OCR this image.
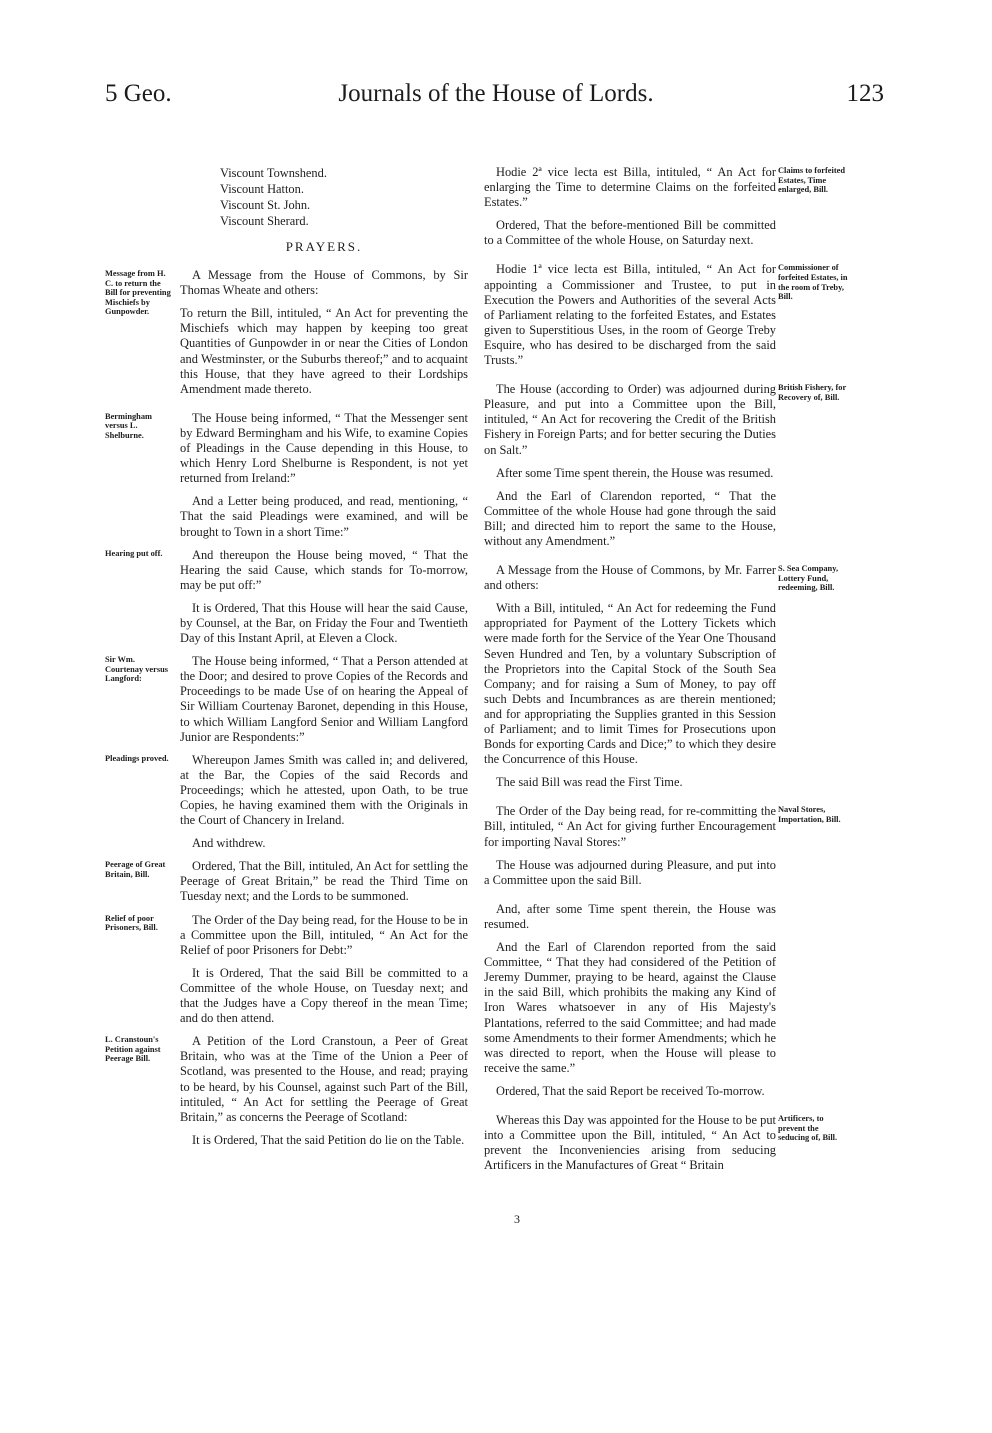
5 Geo.	Journals of the House of Lords.	123
Viscount Townshend.
Viscount Hatton.
Viscount St. John.
Viscount Sherard.
PRAYERS.
Message from H. C. to return the Bill for preventing Mischiefs by Gunpowder.
A Message from the House of Commons, by Sir Thomas Wheate and others:
To return the Bill, intituled, “ An Act for preventing the Mischiefs which may happen by keeping too great Quantities of Gunpowder in or near the Cities of London and Westminster, or the Suburbs thereof;” and to acquaint this House, that they have agreed to their Lordships Amendment made thereto.
Bermingham versus L. Shelburne.
The House being informed, “ That the Messenger sent by Edward Bermingham and his Wife, to examine Copies of Pleadings in the Cause depending in this House, to which Henry Lord Shelburne is Respondent, is not yet returned from Ireland:”
And a Letter being produced, and read, mentioning, “ That the said Pleadings were examined, and will be brought to Town in a short Time:”
Hearing put off.	And thereupon the House being moved, “ That the Hearing the said Cause, which stands for To-morrow, may be put off:”
It is Ordered, That this House will hear the said Cause, by Counsel, at the Bar, on Friday the Four and Twentieth Day of this Instant April, at Eleven a Clock.
Sir Wm. Courtenay versus Langford:
The House being informed, “ That a Person attended at the Door; and desired to prove Copies of the Records and Proceedings to be made Use of on hearing the Appeal of Sir William Courtenay Baronet, depending in this House, to which William Langford Senior and William Langford Junior are Respondents:”
Pleadings proved.	Whereupon James Smith was called in; and delivered, at the Bar, the Copies of the said Records and Proceedings; which he attested, upon Oath, to be true Copies, he having examined them with the Originals in the Court of Chancery in Ireland.
And withdrew.
Peerage of Great Britain, Bill.
Ordered, That the Bill, intituled, An Act for settling the Peerage of Great Britain,” be read the Third Time on Tuesday next; and the Lords to be summoned.
Relief of poor Prisoners, Bill.
The Order of the Day being read, for the House to be in a Committee upon the Bill, intituled, “ An Act for the Relief of poor Prisoners for Debt:”
It is Ordered, That the said Bill be committed to a Committee of the whole House, on Tuesday next; and that the Judges have a Copy thereof in the mean Time; and do then attend.
L. Cranstoun's Petition against Peerage Bill.
A Petition of the Lord Cranstoun, a Peer of Great Britain, who was at the Time of the Union a Peer of Scotland, was presented to the House, and read; praying to be heard, by his Counsel, against such Part of the Bill, intituled, “ An Act for settling the Peerage of Great Britain,” as concerns the Peerage of Scotland:
It is Ordered, That the said Petition do lie on the Table.
Claims to forfeited Estates, Time enlarged, Bill.
Hodie 2ª vice lecta est Billa, intituled, “ An Act for enlarging the Time to determine Claims on the forfeited Estates.”
Ordered, That the before-mentioned Bill be committed to a Committee of the whole House, on Saturday next.
Commissioner of forfeited Estates, in the room of Treby, Bill.
Hodie 1ª vice lecta est Billa, intituled, “ An Act for appointing a Commissioner and Trustee, to put in Execution the Powers and Authorities of the several Acts of Parliament relating to the forfeited Estates, and Estates given to Superstitious Uses, in the room of George Treby Esquire, who has desired to be discharged from the said Trusts.”
British Fishery, for Recovery of, Bill.
The House (according to Order) was adjourned during Pleasure, and put into a Committee upon the Bill, intituled, “ An Act for recovering the Credit of the British Fishery in Foreign Parts; and for better securing the Duties on Salt.”
After some Time spent therein, the House was resumed.
And the Earl of Clarendon reported, “ That the Committee of the whole House had gone through the said Bill; and directed him to report the same to the House, without any Amendment.”
S. Sea Company, Lottery Fund, redeeming, Bill.
A Message from the House of Commons, by Mr. Farrer and others:
With a Bill, intituled, “ An Act for redeeming the Fund appropriated for Payment of the Lottery Tickets which were made forth for the Service of the Year One Thousand Seven Hundred and Ten, by a voluntary Subscription of the Proprietors into the Capital Stock of the South Sea Company; and for raising a Sum of Money, to pay off such Debts and Incumbrances as are therein mentioned; and for appropriating the Supplies granted in this Session of Parliament; and to limit Times for Prosecutions upon Bonds for exporting Cards and Dice;” to which they desire the Concurrence of this House.
The said Bill was read the First Time.
Naval Stores, Importation, Bill.
The Order of the Day being read, for re-committing the Bill, intituled, “ An Act for giving further Encouragement for importing Naval Stores:”
The House was adjourned during Pleasure, and put into a Committee upon the said Bill.
And, after some Time spent therein, the House was resumed.
And the Earl of Clarendon reported from the said Committee, “ That they had considered of the Petition of Jeremy Dummer, praying to be heard, against the Clause in the said Bill, which prohibits the making any Kind of Iron Wares whatsoever in any of His Majesty's Plantations, referred to the said Committee; and had made some Amendments to their former Amendments; which he was directed to report, when the House will please to receive the same.”
Ordered, That the said Report be received To-morrow.
Artificers, to prevent the seducing of, Bill.
Whereas this Day was appointed for the House to be put into a Committee upon the Bill, intituled, “ An Act to prevent the Inconveniencies arising from seducing Artificers in the Manufactures of Great “ Britain
3
